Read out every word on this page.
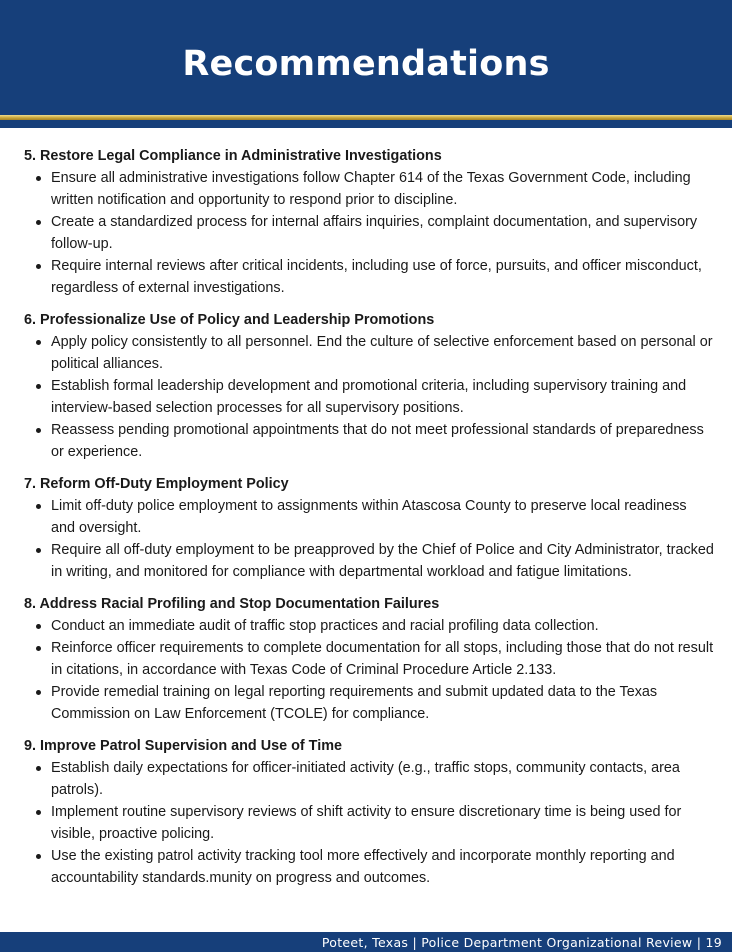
Recommendations
5. Restore Legal Compliance in Administrative Investigations
Ensure all administrative investigations follow Chapter 614 of the Texas Government Code, including written notification and opportunity to respond prior to discipline.
Create a standardized process for internal affairs inquiries, complaint documentation, and supervisory follow-up.
Require internal reviews after critical incidents, including use of force, pursuits, and officer misconduct, regardless of external investigations.
6. Professionalize Use of Policy and Leadership Promotions
Apply policy consistently to all personnel. End the culture of selective enforcement based on personal or political alliances.
Establish formal leadership development and promotional criteria, including supervisory training and interview-based selection processes for all supervisory positions.
Reassess pending promotional appointments that do not meet professional standards of preparedness or experience.
7. Reform Off-Duty Employment Policy
Limit off-duty police employment to assignments within Atascosa County to preserve local readiness and oversight.
Require all off-duty employment to be preapproved by the Chief of Police and City Administrator, tracked in writing, and monitored for compliance with departmental workload and fatigue limitations.
8. Address Racial Profiling and Stop Documentation Failures
Conduct an immediate audit of traffic stop practices and racial profiling data collection.
Reinforce officer requirements to complete documentation for all stops, including those that do not result in citations, in accordance with Texas Code of Criminal Procedure Article 2.133.
Provide remedial training on legal reporting requirements and submit updated data to the Texas Commission on Law Enforcement (TCOLE) for compliance.
9. Improve Patrol Supervision and Use of Time
Establish daily expectations for officer-initiated activity (e.g., traffic stops, community contacts, area patrols).
Implement routine supervisory reviews of shift activity to ensure discretionary time is being used for visible, proactive policing.
Use the existing patrol activity tracking tool more effectively and incorporate monthly reporting and accountability standards.munity on progress and outcomes.
Poteet, Texas | Police Department Organizational Review | 19
